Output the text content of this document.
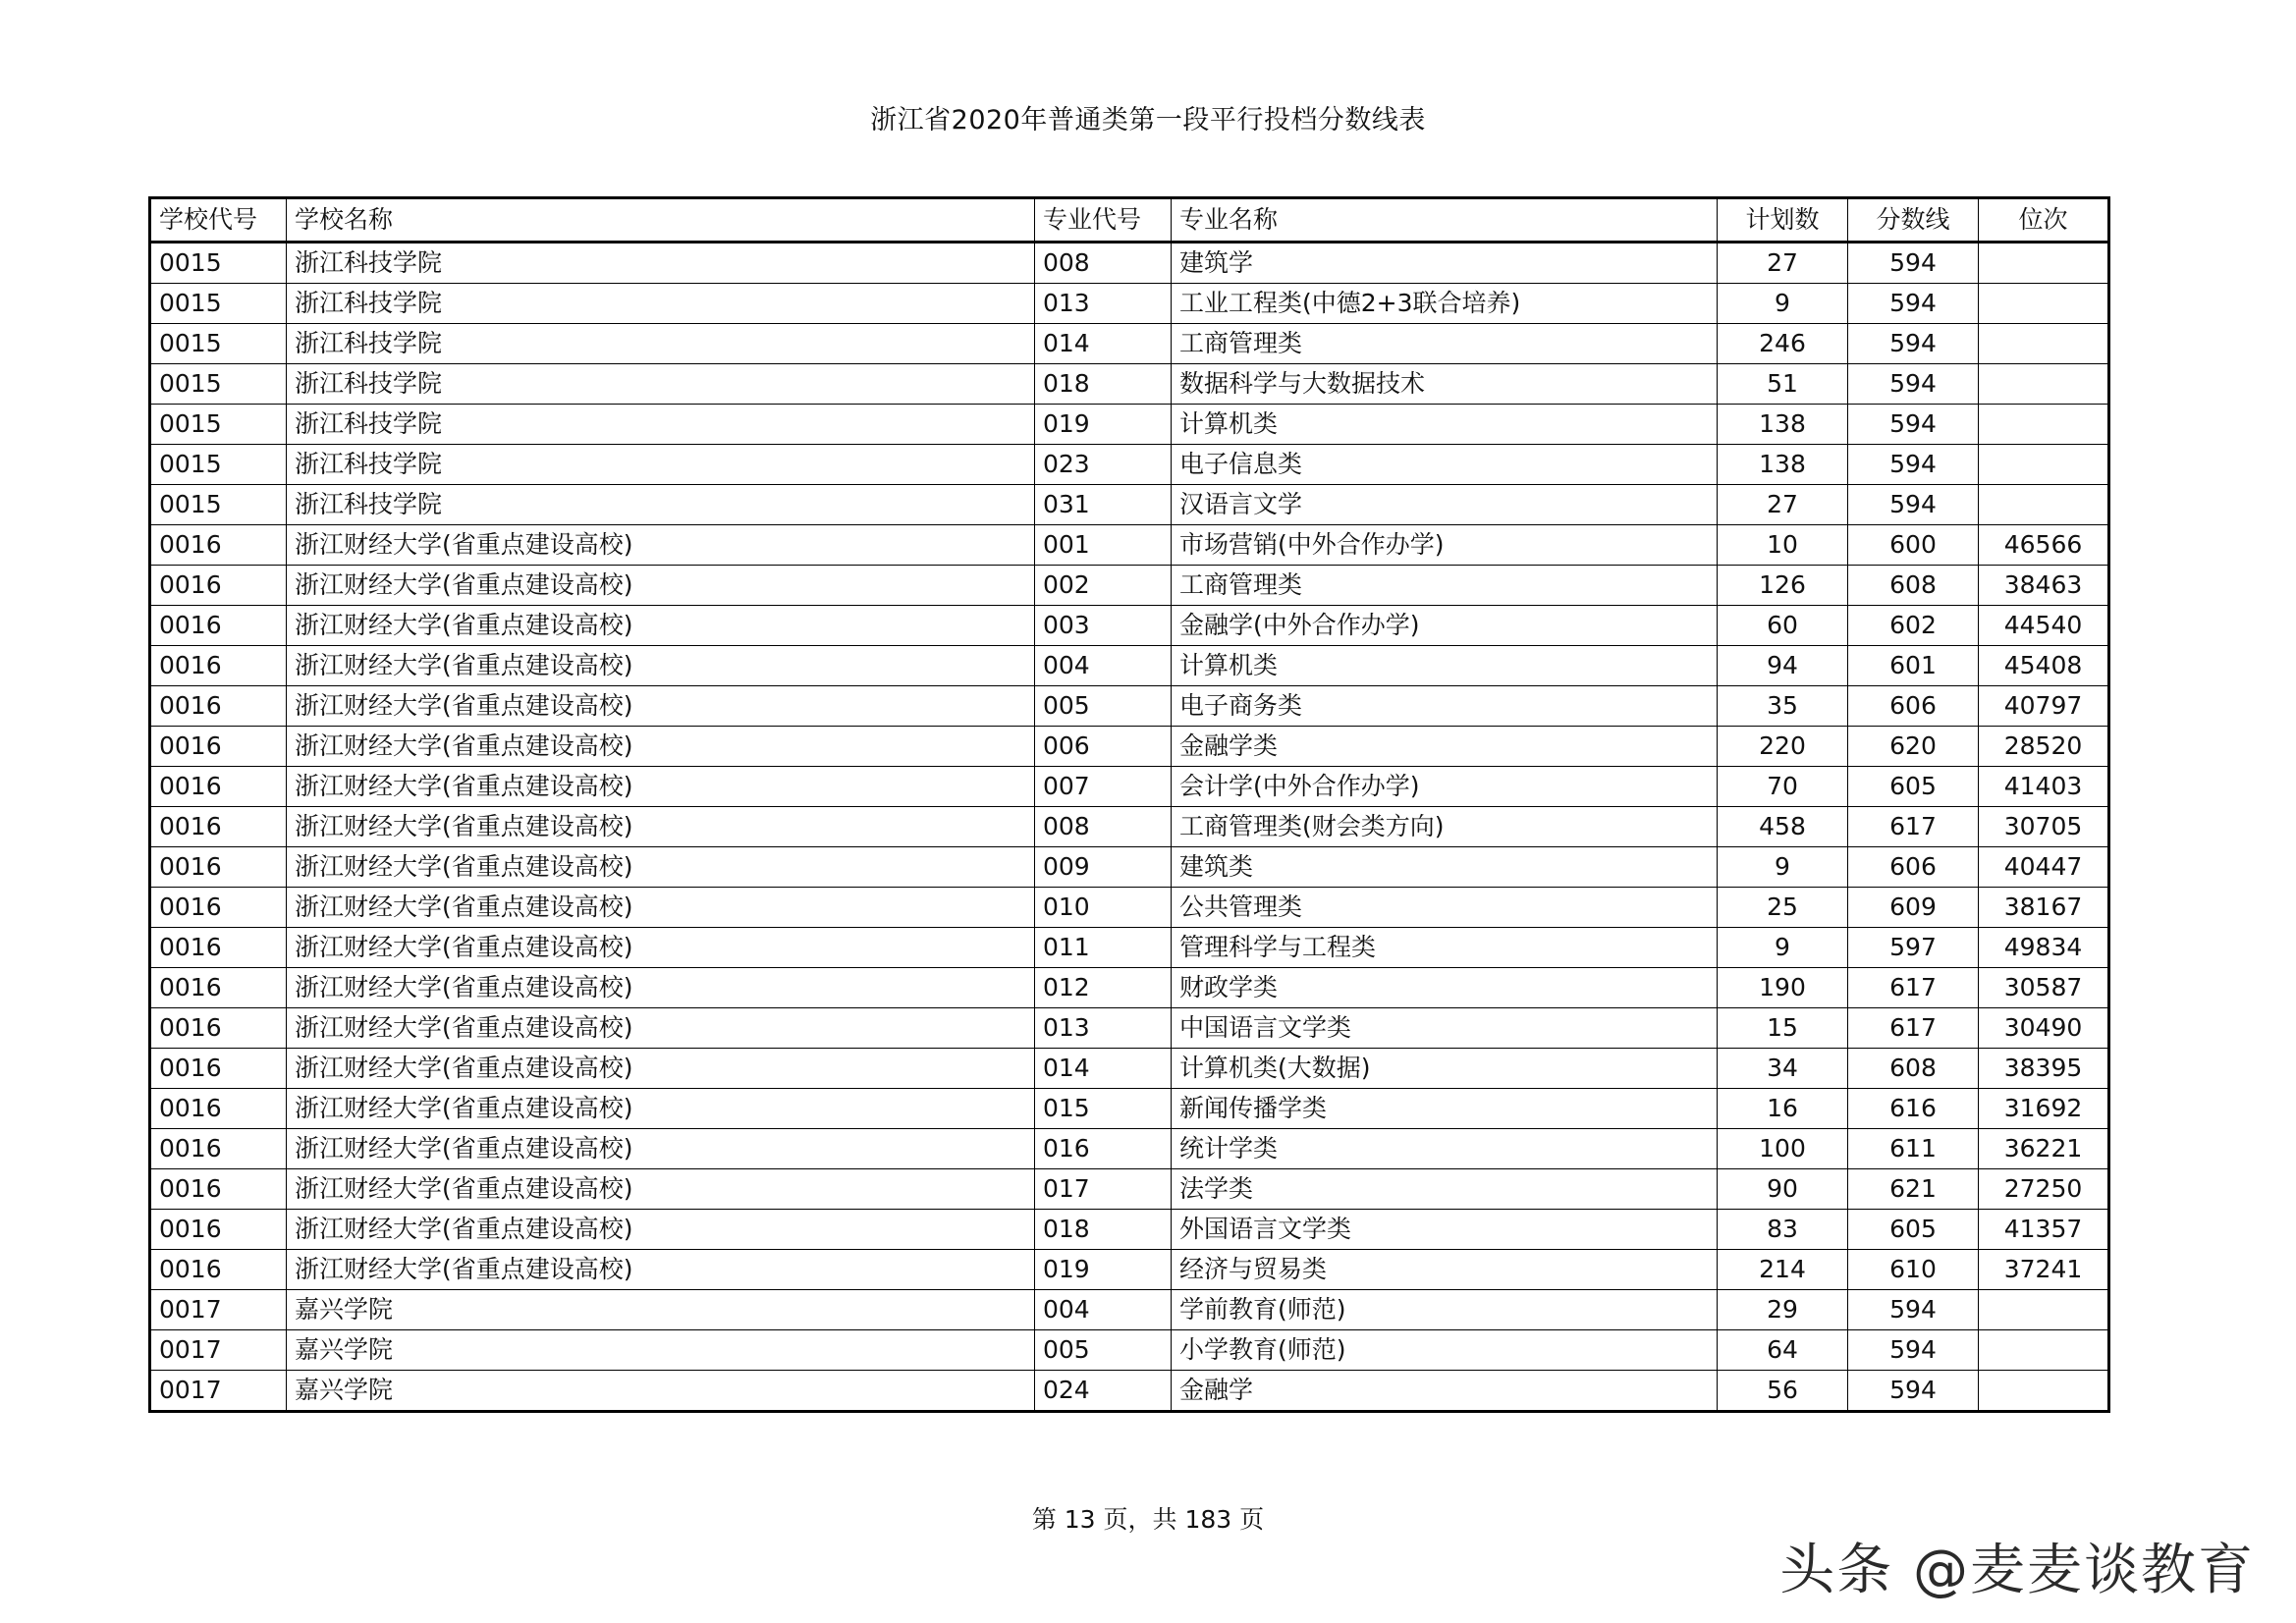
浙江省2020年普通类第一段平行投档分数线表
学校代号	学校名称	专业代号	专业名称	计划数	分数线	位次
0015	浙江科技学院	008	建筑学	27	594	
0015	浙江科技学院	013	工业工程类(中德2+3联合培养)	9	594	
0015	浙江科技学院	014	工商管理类	246	594	
0015	浙江科技学院	018	数据科学与大数据技术	51	594	
0015	浙江科技学院	019	计算机类	138	594	
0015	浙江科技学院	023	电子信息类	138	594	
0015	浙江科技学院	031	汉语言文学	27	594	
0016	浙江财经大学(省重点建设高校)	001	市场营销(中外合作办学)	10	600	46566
0016	浙江财经大学(省重点建设高校)	002	工商管理类	126	608	38463
0016	浙江财经大学(省重点建设高校)	003	金融学(中外合作办学)	60	602	44540
0016	浙江财经大学(省重点建设高校)	004	计算机类	94	601	45408
0016	浙江财经大学(省重点建设高校)	005	电子商务类	35	606	40797
0016	浙江财经大学(省重点建设高校)	006	金融学类	220	620	28520
0016	浙江财经大学(省重点建设高校)	007	会计学(中外合作办学)	70	605	41403
0016	浙江财经大学(省重点建设高校)	008	工商管理类(财会类方向)	458	617	30705
0016	浙江财经大学(省重点建设高校)	009	建筑类	9	606	40447
0016	浙江财经大学(省重点建设高校)	010	公共管理类	25	609	38167
0016	浙江财经大学(省重点建设高校)	011	管理科学与工程类	9	597	49834
0016	浙江财经大学(省重点建设高校)	012	财政学类	190	617	30587
0016	浙江财经大学(省重点建设高校)	013	中国语言文学类	15	617	30490
0016	浙江财经大学(省重点建设高校)	014	计算机类(大数据)	34	608	38395
0016	浙江财经大学(省重点建设高校)	015	新闻传播学类	16	616	31692
0016	浙江财经大学(省重点建设高校)	016	统计学类	100	611	36221
0016	浙江财经大学(省重点建设高校)	017	法学类	90	621	27250
0016	浙江财经大学(省重点建设高校)	018	外国语言文学类	83	605	41357
0016	浙江财经大学(省重点建设高校)	019	经济与贸易类	214	610	37241
0017	嘉兴学院	004	学前教育(师范)	29	594	
0017	嘉兴学院	005	小学教育(师范)	64	594	
0017	嘉兴学院	024	金融学	56	594	
第 13 页，共 183 页
头条 @麦麦谈教育
